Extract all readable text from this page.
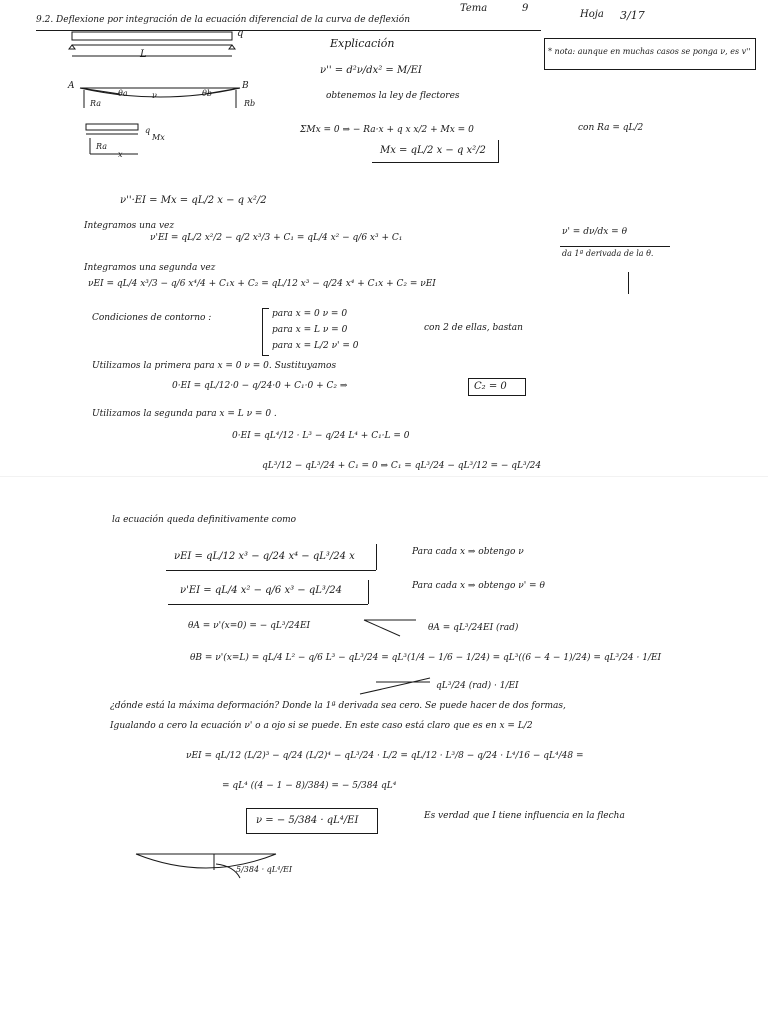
Tema	9
Hoja 3/17
9.2. Deflexione por integración de la ecuación diferencial de la curva de deflexión
q
L
A	B
θa	ν	θb
Ra	Rb
q
Mx
Ra
x
Explicación
* nota: aunque en muchas casos se ponga ν, es v''
ν'' = d²ν/dx² = M/EI
obtenemos la ley de flectores
ΣMx = 0 ⇒ − Ra·x + q x x/2 + Mx = 0	con Ra = qL/2
Mx = qL/2 x − q x²/2
ν''·EI = Mx = qL/2 x − q x²/2
Integramos una vez
ν'EI = qL/2 x²/2 − q/2 x³/3 + C₁ = qL/4 x² − q/6 x³ + C₁
ν' = dν/dx = θ
da 1ª derivada de la θ.
Integramos una segunda vez
νEI = qL/4 x³/3 − q/6 x⁴/4 + C₁x + C₂ = qL/12 x³ − q/24 x⁴ + C₁x + C₂ = νEI
Condiciones de contorno :	para x = 0 ν = 0
para x = L ν = 0
para x = L/2 ν' = 0
con 2 de ellas, bastan
Utilizamos la primera para x = 0 ν = 0. Sustituyamos
0·EI = qL/12·0 − q/24·0 + C₁·0 + C₂ ⇒	C₂ = 0
Utilizamos la segunda para x = L ν = 0 .
0·EI = qL⁴/12 · L³ − q/24 L⁴ + C₁·L = 0
qL³/12 − qL³/24 + C₁ = 0 ⇒ C₁ = qL³/24 − qL³/12 = − qL³/24
la ecuación queda definitivamente como
νEI = qL/12 x³ − q/24 x⁴ − qL³/24 x	Para cada x ⇒ obtengo ν
ν'EI = qL/4 x² − q/6 x³ − qL³/24	Para cada x ⇒ obtengo ν' = θ
θA = ν'(x=0) = − qL³/24EI	θA = qL³/24EI (rad)
θB = ν'(x=L) = qL/4 L² − q/6 L³ − qL³/24 = qL³(1/4 − 1/6 − 1/24) = qL³((6 − 4 − 1)/24) = qL³/24 · 1/EI
qL³/24 (rad) · 1/EI
¿dónde está la máxima deformación? Donde la 1ª derivada sea cero. Se puede hacer de dos formas,
Igualando a cero la ecuación ν' o a ojo si se puede. En este caso está claro que es en x = L/2
νEI = qL/12 (L/2)³ − q/24 (L/2)⁴ − qL³/24 · L/2 = qL/12 · L³/8 − q/24 · L⁴/16 − qL⁴/48 =
= qL⁴ ((4 − 1 − 8)/384) = − 5/384 qL⁴
ν = − 5/384 · qL⁴/EI	Es verdad que I tiene influencia en la flecha
5/384 · qL⁴/EI
